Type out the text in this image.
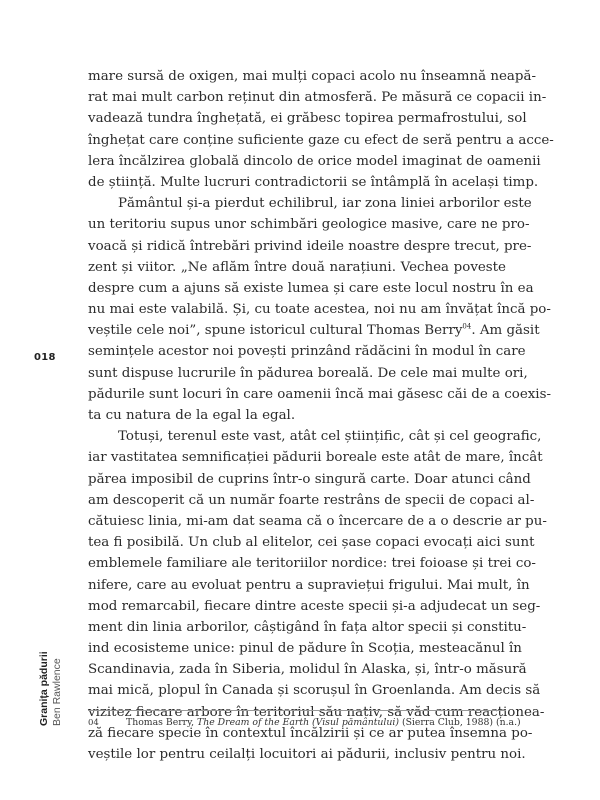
mare sursă de oxigen, mai mulți copaci acolo nu înseamnă neapă-
rat mai mult carbon reținut din atmosferă. Pe măsură ce copacii in-
vadează tundra înghețată, ei grăbesc topirea permafrostului, sol
înghețat care conține suficiente gaze cu efect de seră pentru a acce-
lera încălzirea globală dincolo de orice model imaginat de oamenii
de știință. Multe lucruri contradictorii se întâmplă în același timp.
Pământul și-a pierdut echilibrul, iar zona liniei arborilor este
un teritoriu supus unor schimbări geologice masive, care ne pro-
voacă și ridică întrebări privind ideile noastre despre trecut, pre-
zent și viitor. „Ne aflăm între două narațiuni. Vechea poveste
despre cum a ajuns să existe lumea și care este locul nostru în ea
nu mai este valabilă. Și, cu toate acestea, noi nu am învățat încă po-
veștile cele noi”, spune istoricul cultural Thomas Berry$^{04}$. Am găsit
semințele acestor noi povești prinzând rădăcini în modul în care
sunt dispuse lucrurile în pădurea boreală. De cele mai multe ori,
pădurile sunt locuri în care oamenii încă mai găsesc căi de a coexis-
ta cu natura de la egal la egal.
Totuși, terenul este vast, atât cel științific, cât și cel geografic,
iar vastitatea semnificației pădurii boreale este atât de mare, încât
părea imposibil de cuprins într-o singură carte. Doar atunci când
am descoperit că un număr foarte restrâns de specii de copaci al-
cătuiesc linia, mi-am dat seama că o încercare de a o descrie ar pu-
tea fi posibilă. Un club al elitelor, cei șase copaci evocați aici sunt
emblemele familiare ale teritoriilor nordice: trei foioase și trei co-
nifere, care au evoluat pentru a supraviețui frigului. Mai mult, în
mod remarcabil, fiecare dintre aceste specii și-a adjudecat un seg-
ment din linia arborilor, câștigând în fața altor specii și constitu-
ind ecosisteme unice: pinul de pădure în Scoția, mesteacănul în
Scandinavia, zada în Siberia, molidul în Alaska, și, într-o măsură
mai mică, plopul în Canada și scorușul în Groenlanda. Am decis să
vizitez fiecare arbore în teritoriul său nativ, să văd cum reacționea-
ză fiecare specie în contextul încălzirii și ce ar putea însemna po-
veștile lor pentru ceilalți locuitori ai pădurii, inclusiv pentru noi.
018
Granița pădurii Ben Rawlence	04	Thomas Berry, The Dream of the Earth (Visul pământului) (Sierra Club, 1988) (n.a.)
